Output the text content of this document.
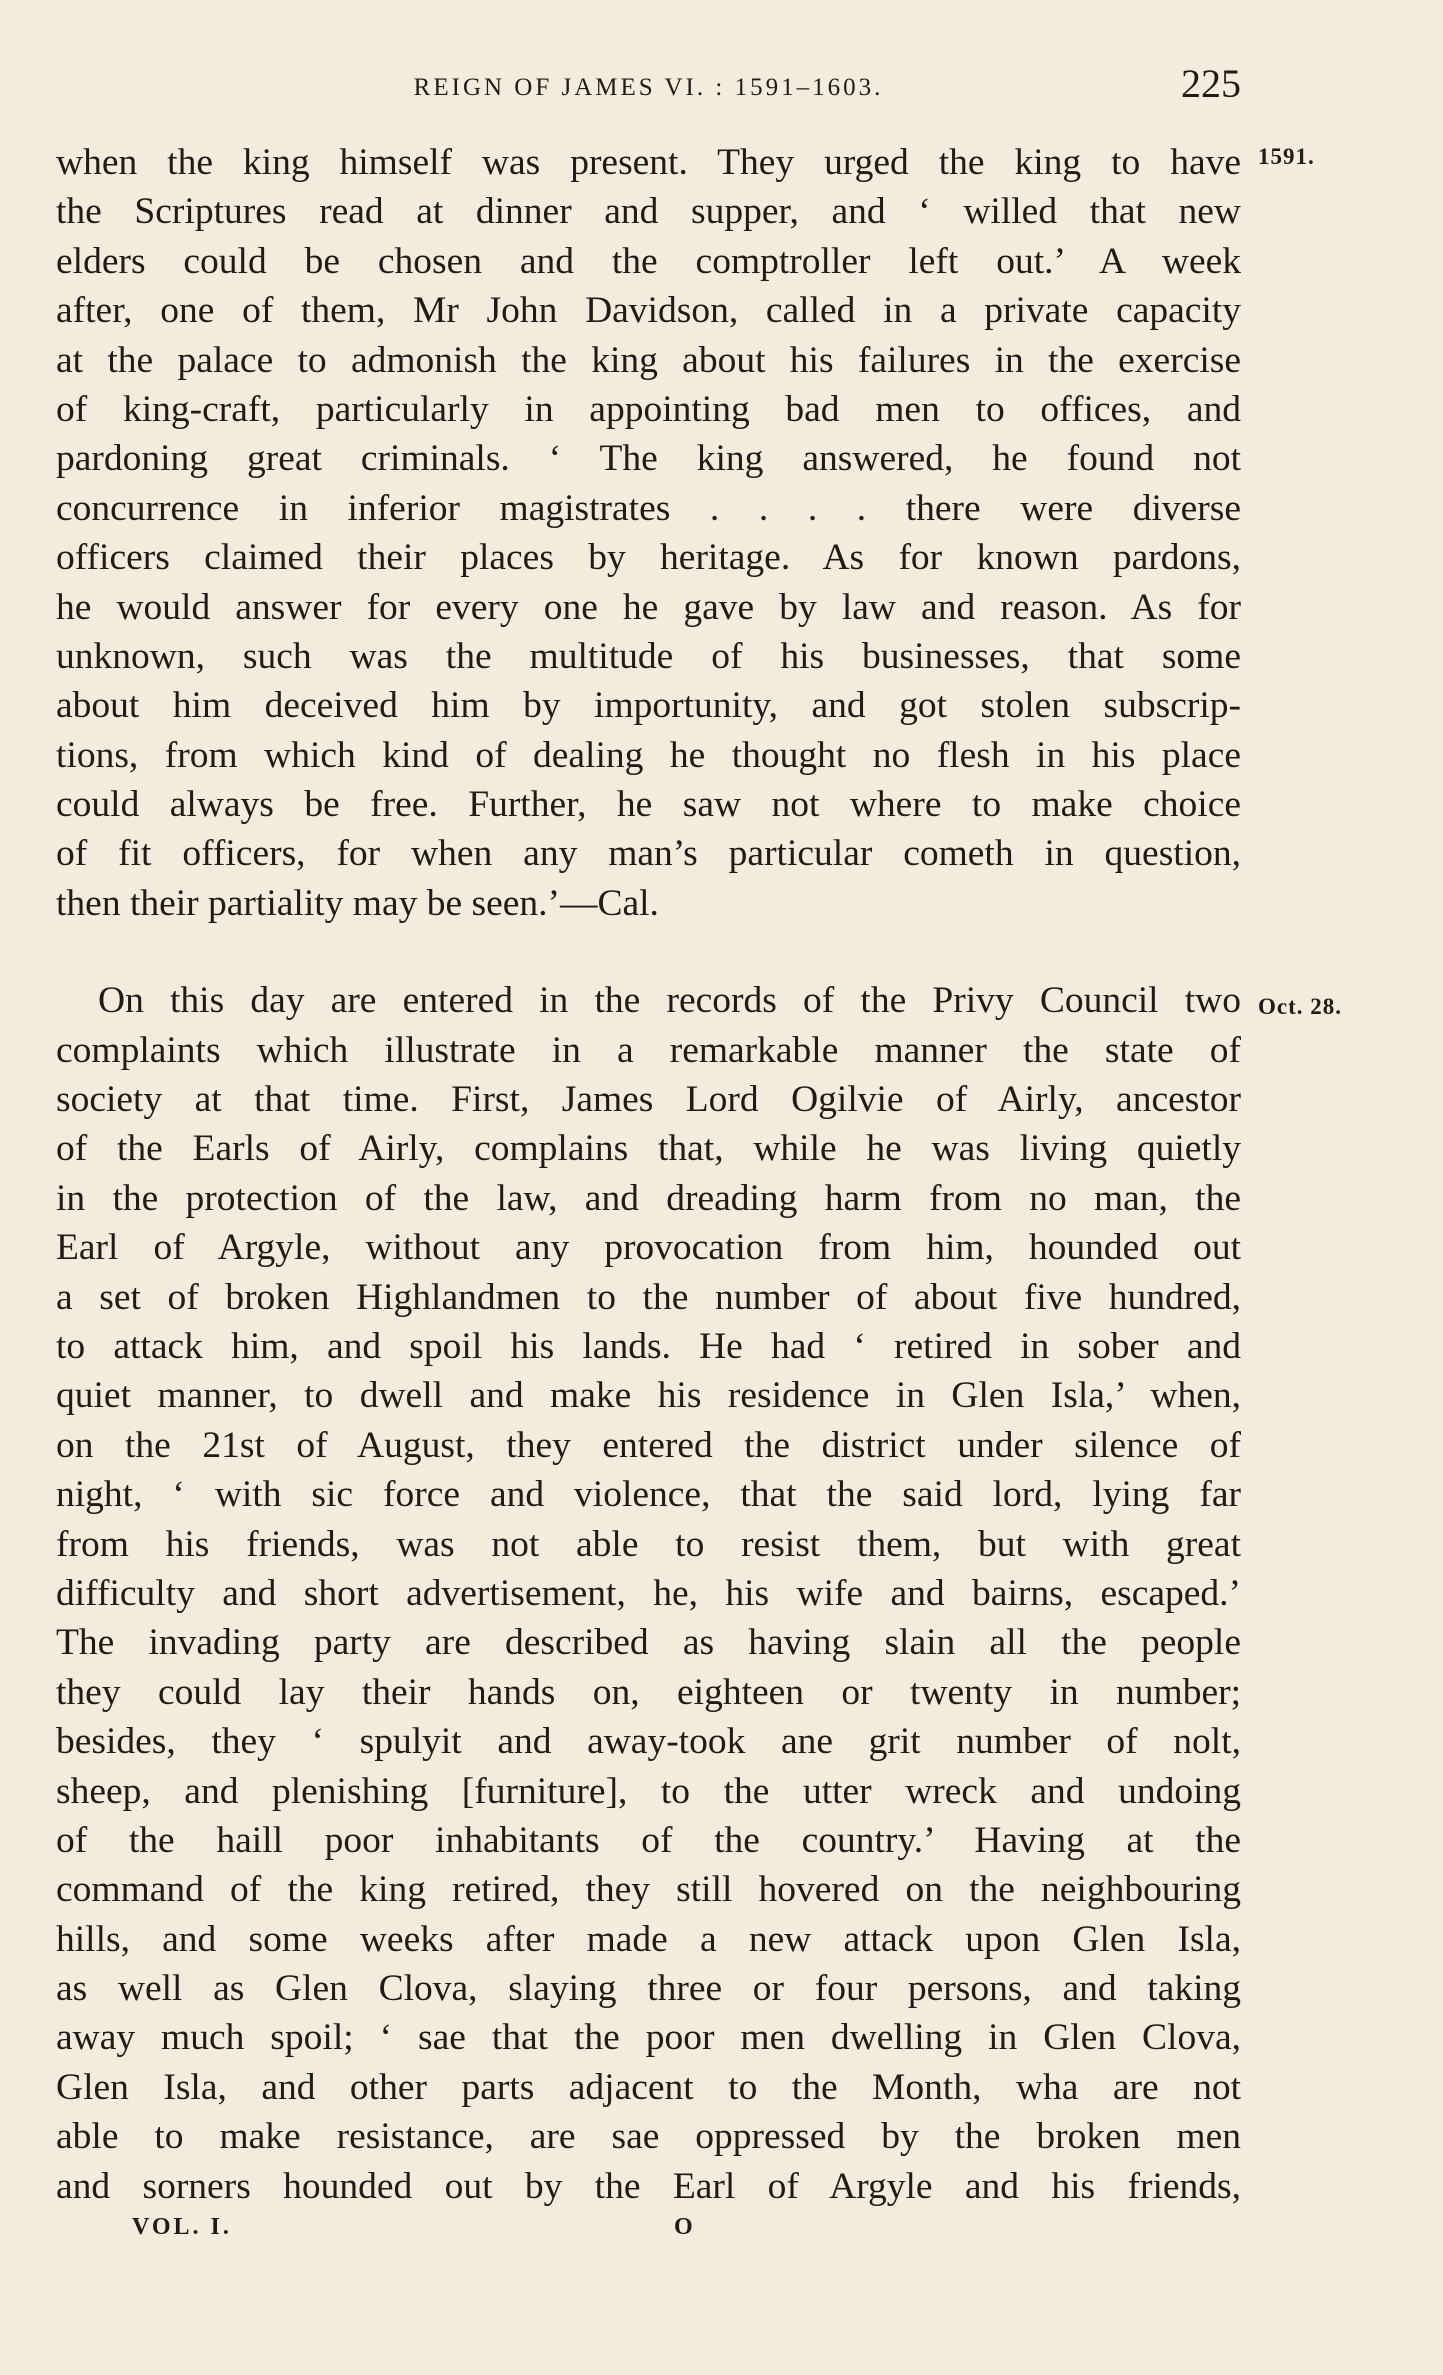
REIGN OF JAMES VI. : 1591–1603.	225
1591.
Oct. 28.
when the king himself was present. They urged the king to have
the Scriptures read at dinner and supper, and ‘ willed that new
elders could be chosen and the comptroller left out.’ A week
after, one of them, Mr John Davidson, called in a private capacity
at the palace to admonish the king about his failures in the exercise
of king-craft, particularly in appointing bad men to offices, and
pardoning great criminals. ‘ The king answered, he found not
concurrence in inferior magistrates . . . . there were diverse
officers claimed their places by heritage. As for known pardons,
he would answer for every one he gave by law and reason. As for
unknown, such was the multitude of his businesses, that some
about him deceived him by importunity, and got stolen subscrip-
tions, from which kind of dealing he thought no flesh in his place
could always be free. Further, he saw not where to make choice
of fit officers, for when any man’s particular cometh in question,
then their partiality may be seen.’—Cal.
On this day are entered in the records of the Privy Council two
complaints which illustrate in a remarkable manner the state of
society at that time. First, James Lord Ogilvie of Airly, ancestor
of the Earls of Airly, complains that, while he was living quietly
in the protection of the law, and dreading harm from no man, the
Earl of Argyle, without any provocation from him, hounded out
a set of broken Highlandmen to the number of about five hundred,
to attack him, and spoil his lands. He had ‘ retired in sober and
quiet manner, to dwell and make his residence in Glen Isla,’ when,
on the 21st of August, they entered the district under silence of
night, ‘ with sic force and violence, that the said lord, lying far
from his friends, was not able to resist them, but with great
difficulty and short advertisement, he, his wife and bairns, escaped.’
The invading party are described as having slain all the people
they could lay their hands on, eighteen or twenty in number;
besides, they ‘ spulyit and away-took ane grit number of nolt,
sheep, and plenishing [furniture], to the utter wreck and undoing
of the haill poor inhabitants of the country.’ Having at the
command of the king retired, they still hovered on the neighbouring
hills, and some weeks after made a new attack upon Glen Isla,
as well as Glen Clova, slaying three or four persons, and taking
away much spoil; ‘ sae that the poor men dwelling in Glen Clova,
Glen Isla, and other parts adjacent to the Month, wha are not
able to make resistance, are sae oppressed by the broken men
and sorners hounded out by the Earl of Argyle and his friends,
VOL. I.	O
